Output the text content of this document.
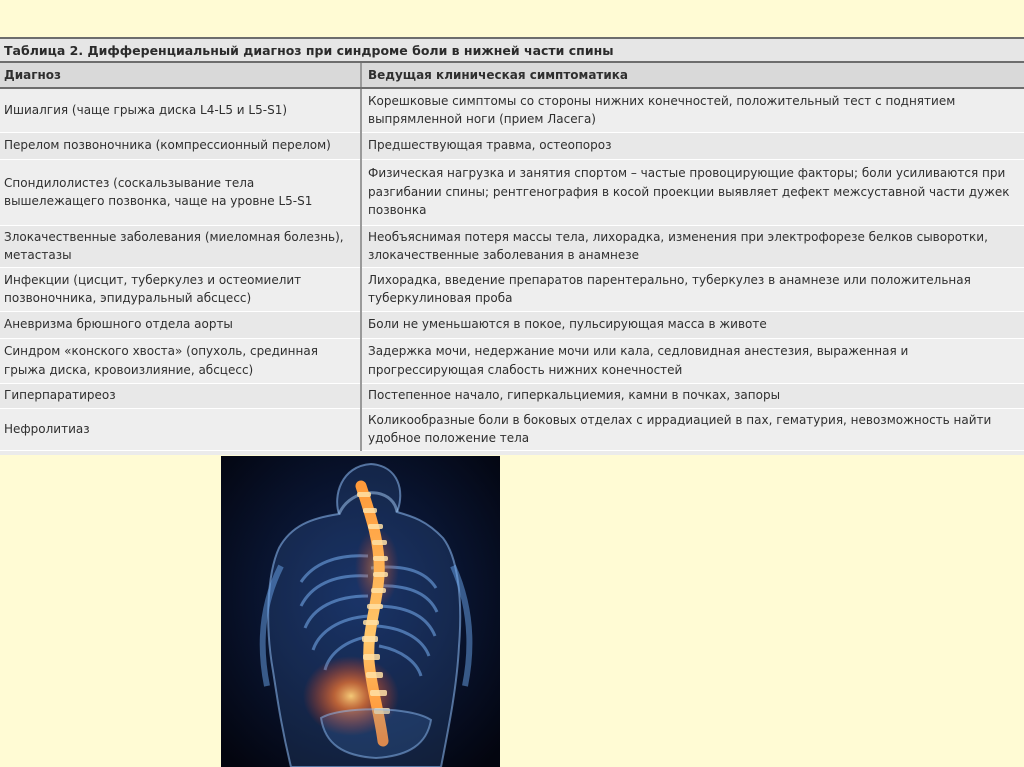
Таблица 2. Дифференциальный диагноз при синдроме боли в нижней части спины
Диагноз	Ведущая клиническая симптоматика
Ишиалгия (чаще грыжа диска L4-L5 и L5-S1)	Корешковые симптомы со стороны нижних конечностей, положительный тест с поднятием выпрямленной ноги (прием Ласега)
Перелом позвоночника (компрессионный перелом)	Предшествующая травма, остеопороз
Спондилолистез (соскальзывание тела вышележащего позвонка, чаще на уровне L5-S1	Физическая нагрузка и занятия спортом – частые провоцирующие факторы; боли усиливаются при разгибании спины; рентгенография в косой проекции выявляет дефект межсуставной части дужек позвонка
Злокачественные заболевания (миеломная болезнь), метастазы	Необъяснимая потеря массы тела, лихорадка, изменения при электрофорезе белков сыворотки, злокачественные заболевания в анамнезе
Инфекции (цисцит, туберкулез и остеомиелит позвоночника, эпидуральный абсцесс)	Лихорадка, введение препаратов парентерально, туберкулез в анамнезе или положительная туберкулиновая проба
Аневризма брюшного отдела аорты	Боли не уменьшаются в покое, пульсирующая масса в животе
Синдром «конского хвоста» (опухоль, срединная грыжа диска, кровоизлияние, абсцесс)	Задержка мочи, недержание мочи или кала, седловидная анестезия, выраженная и прогрессирующая слабость нижних конечностей
Гиперпаратиреоз	Постепенное начало, гиперкальциемия, камни в почках, запоры
Нефролитиаз	Коликообразные боли в боковых отделах с иррадиацией в пах, гематурия, невозможность найти удобное положение тела
